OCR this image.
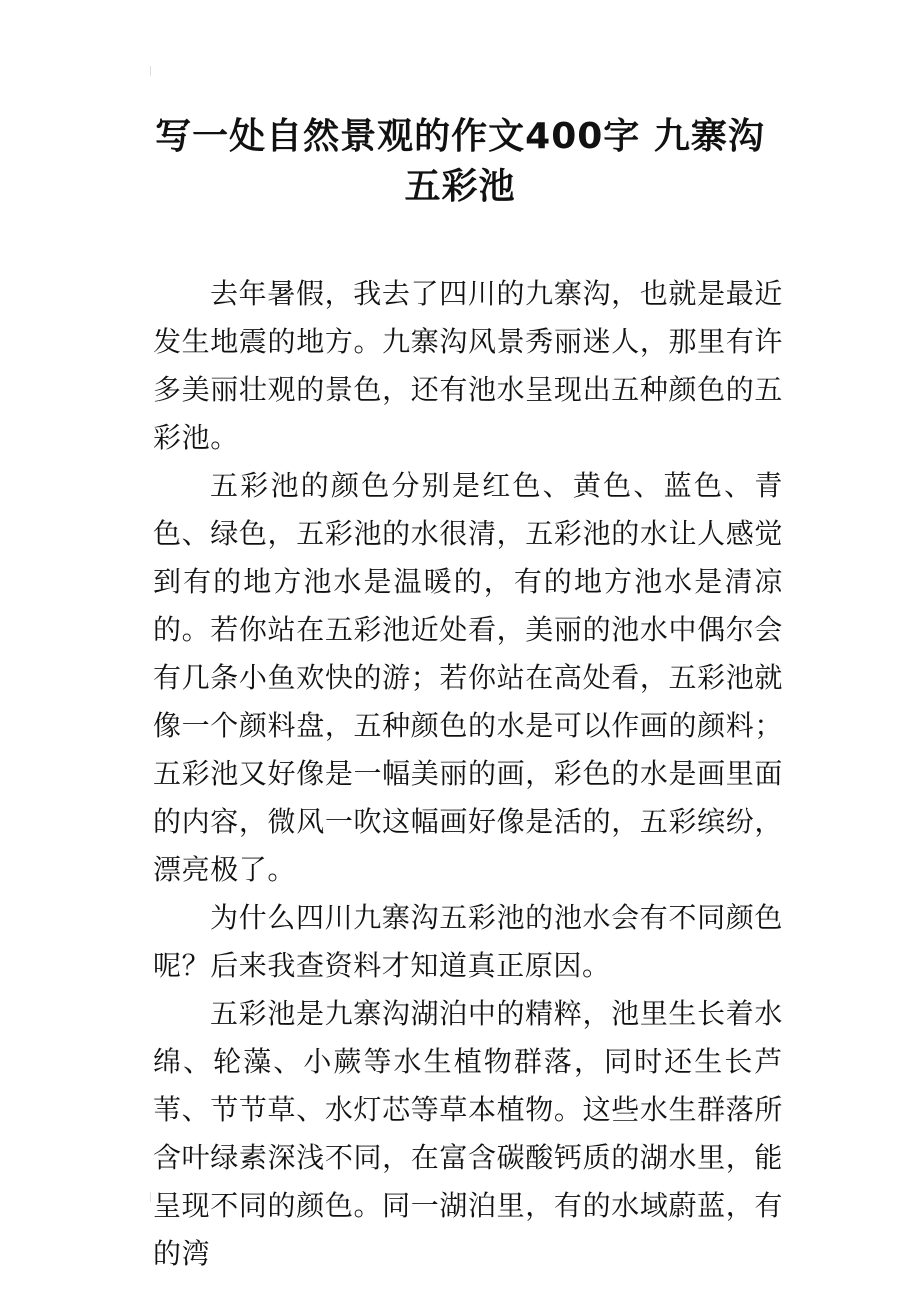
写一处自然景观的作文400字 九寨沟
五彩池

去年暑假，我去了四川的九寨沟，也就是最近发生地震的地方。九寨沟风景秀丽迷人，那里有许多美丽壮观的景色，还有池水呈现出五种颜色的五彩池。

五彩池的颜色分别是红色、黄色、蓝色、青色、绿色，五彩池的水很清，五彩池的水让人感觉到有的地方池水是温暖的，有的地方池水是清凉的。若你站在五彩池近处看，美丽的池水中偶尔会有几条小鱼欢快的游；若你站在高处看，五彩池就像一个颜料盘，五种颜色的水是可以作画的颜料；五彩池又好像是一幅美丽的画，彩色的水是画里面的内容，微风一吹这幅画好像是活的，五彩缤纷，漂亮极了。

为什么四川九寨沟五彩池的池水会有不同颜色呢？后来我查资料才知道真正原因。

五彩池是九寨沟湖泊中的精粹，池里生长着水绵、轮藻、小蕨等水生植物群落，同时还生长芦苇、节节草、水灯芯等草本植物。这些水生群落所含叶绿素深浅不同，在富含碳酸钙质的湖水里，能呈现不同的颜色。同一湖泊里，有的水域蔚蓝，有的湾
